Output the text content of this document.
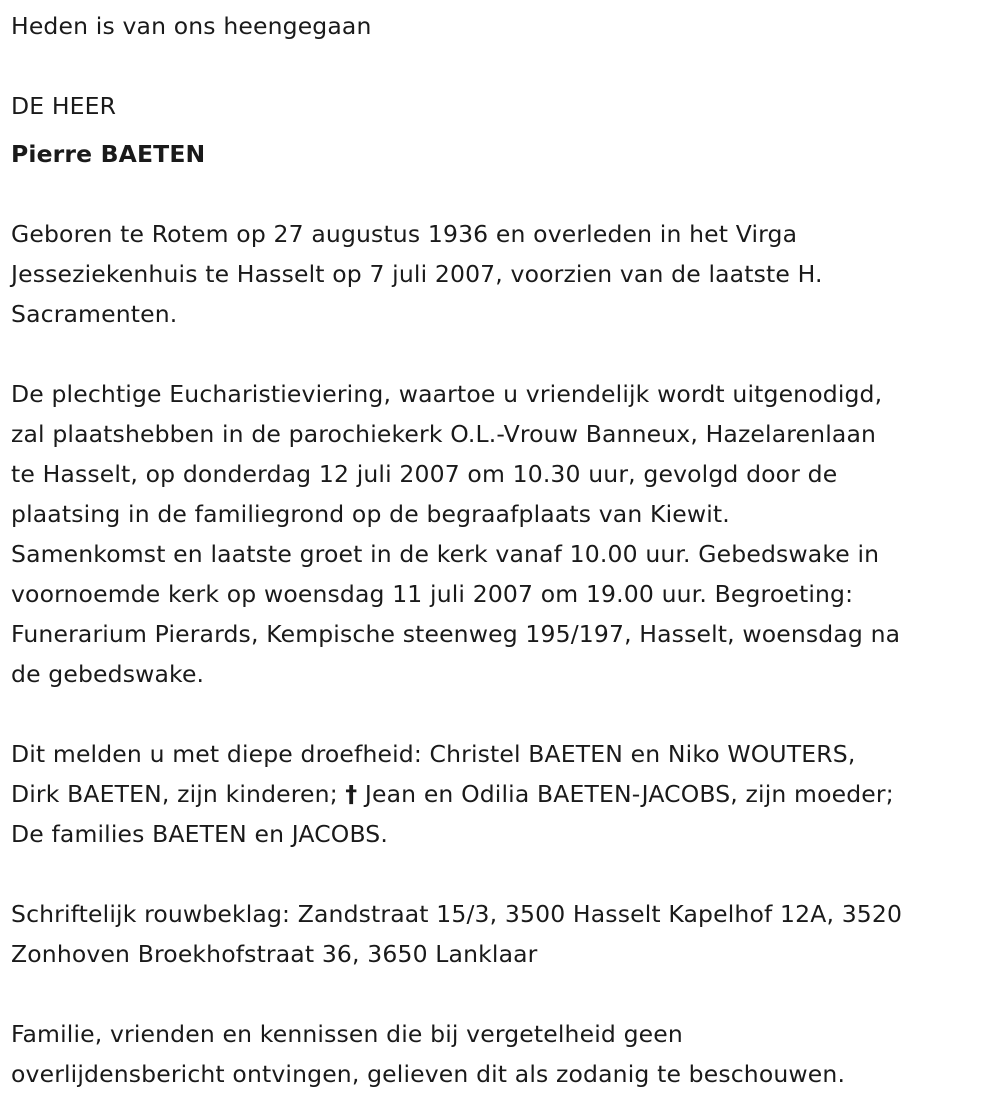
Heden is van ons heengegaan

DE HEER

Pierre BAETEN

Geboren te Rotem op 27 augustus 1936 en overleden in het Virga

Jesseziekenhuis te Hasselt op 7 juli 2007, voorzien van de laatste H.

Sacramenten.

De plechtige Eucharistieviering, waartoe u vriendelijk wordt uitgenodigd,

zal plaatshebben in de parochiekerk O.L.-Vrouw Banneux, Hazelarenlaan

te Hasselt, op donderdag 12 juli 2007 om 10.30 uur, gevolgd door de

plaatsing in de familiegrond op de begraafplaats van Kiewit.

Samenkomst en laatste groet in de kerk vanaf 10.00 uur. Gebedswake in

voornoemde kerk op woensdag 11 juli 2007 om 19.00 uur. Begroeting:

Funerarium Pierards, Kempische steenweg 195/197, Hasselt, woensdag na

de gebedswake.

Dit melden u met diepe droefheid: Christel BAETEN en Niko WOUTERS,

Dirk BAETEN, zijn kinderen; † Jean en Odilia BAETEN-JACOBS, zijn moeder;

De families BAETEN en JACOBS.

Schriftelijk rouwbeklag: Zandstraat 15/3, 3500 Hasselt Kapelhof 12A, 3520

Zonhoven Broekhofstraat 36, 3650 Lanklaar

Familie, vrienden en kennissen die bij vergetelheid geen

overlijdensbericht ontvingen, gelieven dit als zodanig te beschouwen.
